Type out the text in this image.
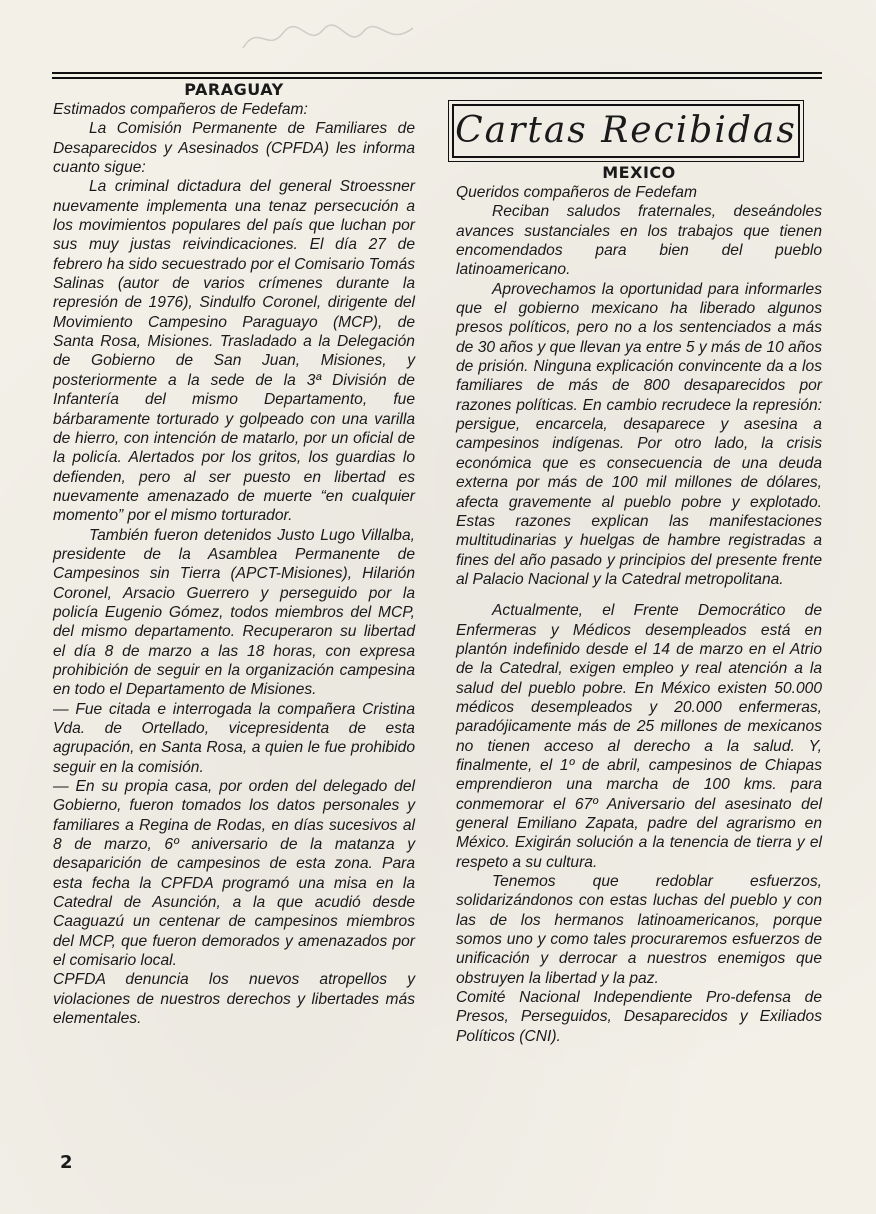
PARAGUAY

Estimados compañeros de Fedefam:

La Comisión Permanente de Familiares de Desaparecidos y Asesinados (CPFDA) les informa cuanto sigue:

La criminal dictadura del general Stroessner nuevamente implementa una tenaz persecución a los movimientos populares del país que luchan por sus muy justas reivindicaciones. El día 27 de febrero ha sido secuestrado por el Comisario Tomás Salinas (autor de varios crímenes durante la represión de 1976), Sindulfo Coronel, dirigente del Movimiento Campesino Paraguayo (MCP), de Santa Rosa, Misiones. Trasladado a la Delegación de Gobierno de San Juan, Misiones, y posteriormente a la sede de la 3ª División de Infantería del mismo Departamento, fue bárbaramente torturado y golpeado con una varilla de hierro, con intención de matarlo, por un oficial de la policía. Alertados por los gritos, los guardias lo defienden, pero al ser puesto en libertad es nuevamente amenazado de muerte “en cualquier momento” por el mismo torturador.

También fueron detenidos Justo Lugo Villalba, presidente de la Asamblea Permanente de Campesinos sin Tierra (APCT-Misiones), Hilarión Coronel, Arsacio Guerrero y perseguido por la policía Eugenio Gómez, todos miembros del MCP, del mismo departamento. Recuperaron su libertad el día 8 de marzo a las 18 horas, con expresa prohibición de seguir en la organización campesina en todo el Departamento de Misiones.

— Fue citada e interrogada la compañera Cristina Vda. de Ortellado, vicepresidenta de esta agrupación, en Santa Rosa, a quien le fue prohibido seguir en la comisión.

— En su propia casa, por orden del delegado del Gobierno, fueron tomados los datos personales y familiares a Regina de Rodas, en días sucesivos al 8 de marzo, 6º aniversario de la matanza y desaparición de campesinos de esta zona. Para esta fecha la CPFDA programó una misa en la Catedral de Asunción, a la que acudió desde Caaguazú un centenar de campesinos miembros del MCP, que fueron demorados y amenazados por el comisario local.

CPFDA denuncia los nuevos atropellos y violaciones de nuestros derechos y libertades más elementales.

Cartas Recibidas
MEXICO

Queridos compañeros de Fedefam

Reciban saludos fraternales, deseándoles avances sustanciales en los trabajos que tienen encomendados para bien del pueblo latinoamericano.

Aprovechamos la oportunidad para informarles que el gobierno mexicano ha liberado algunos presos políticos, pero no a los sentenciados a más de 30 años y que llevan ya entre 5 y más de 10 años de prisión. Ninguna explicación convincente da a los familiares de más de 800 desaparecidos por razones políticas. En cambio recrudece la represión: persigue, encarcela, desaparece y asesina a campesinos indígenas. Por otro lado, la crisis económica que es consecuencia de una deuda externa por más de 100 mil millones de dólares, afecta gravemente al pueblo pobre y explotado. Estas razones explican las manifestaciones multitudinarias y huelgas de hambre registradas a fines del año pasado y principios del presente frente al Palacio Nacional y la Catedral metropolitana.

Actualmente, el Frente Democrático de Enfermeras y Médicos desempleados está en plantón indefinido desde el 14 de marzo en el Atrio de la Catedral, exigen empleo y real atención a la salud del pueblo pobre. En México existen 50.000 médicos desempleados y 20.000 enfermeras, paradójicamente más de 25 millones de mexicanos no tienen acceso al derecho a la salud. Y, finalmente, el 1º de abril, campesinos de Chiapas emprendieron una marcha de 100 kms. para conmemorar el 67º Aniversario del asesinato del general Emiliano Zapata, padre del agrarismo en México. Exigirán solución a la tenencia de tierra y el respeto a su cultura.

Tenemos que redoblar esfuerzos, solidarizándonos con estas luchas del pueblo y con las de los hermanos latinoamericanos, porque somos uno y como tales procuraremos esfuerzos de unificación y derrocar a nuestros enemigos que obstruyen la libertad y la paz.

Comité Nacional Independiente Pro-defensa de Presos, Perseguidos, Desaparecidos y Exiliados Políticos (CNI).

2
